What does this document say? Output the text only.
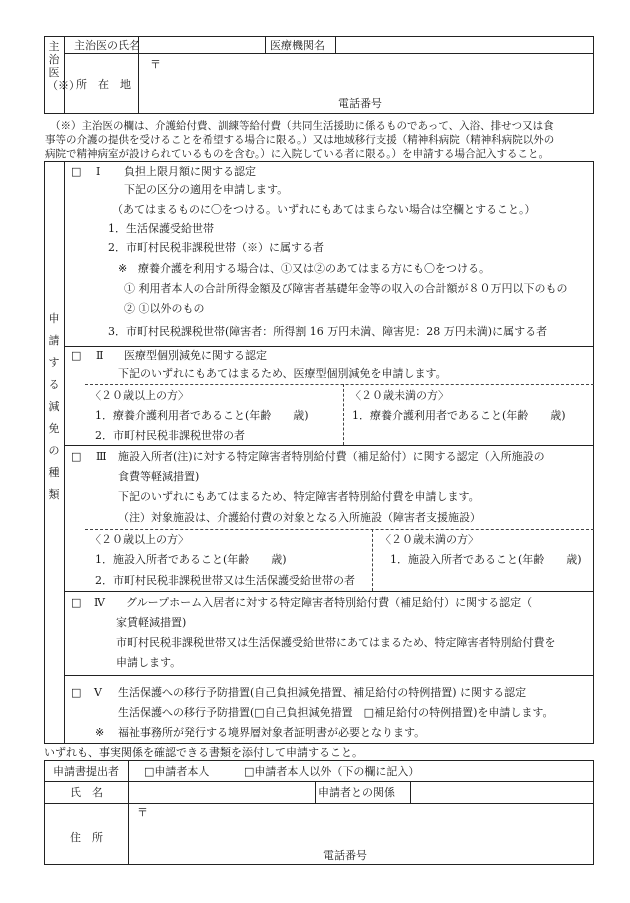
主治医（※）
主治医の氏名	医療機関名
所　在　地
〒
電話番号
（※）主治医の欄は、介護給付費、訓練等給付費（共同生活援助に係るものであって、入浴、排せつ又は食
事等の介護の提供を受けることを希望する場合に限る。）又は地域移行支援（精神科病院（精神科病院以外の
病院で精神病室が設けられているものを含む。）に入院している者に限る。）を申請する場合記入すること。
申請する減免の種類
□ Ⅰ 負担上限月額に関する認定
下記の区分の適用を申請します。
（あてはまるものに〇をつける。いずれにもあてはまらない場合は空欄とすること。）
1．生活保護受給世帯
2．市町村民税非課税世帯（※）に属する者
※ 療養介護を利用する場合は、①又は②のあてはまる方にも〇をつける。
① 利用者本人の合計所得金額及び障害者基礎年金等の収入の合計額が８０万円以下のもの
② ①以外のもの
3．市町村民税課税世帯(障害者：所得割 16 万円未満、障害児：28 万円未満)に属する者
□ Ⅱ 医療型個別減免に関する認定
下記のいずれにもあてはまるため、医療型個別減免を申請します。
〈２０歳以上の方〉
1．療養介護利用者であること(年齢　　歳)
2．市町村民税非課税世帯の者
〈２０歳未満の方〉
1．療養介護利用者であること(年齢　　歳)
□ Ⅲ 施設入所者(注)に対する特定障害者特別給付費（補足給付）に関する認定（入所施設の
食費等軽減措置)
下記のいずれにもあてはまるため、特定障害者特別給付費を申請します。
（注）対象施設は、介護給付費の対象となる入所施設（障害者支援施設）
〈２０歳以上の方〉
1．施設入所者であること(年齢　　歳)
2．市町村民税非課税世帯又は生活保護受給世帯の者
〈２０歳未満の方〉
1．施設入所者であること(年齢　　歳)
□ Ⅳ グループホーム入居者に対する特定障害者特別給付費（補足給付）に関する認定（
家賃軽減措置)
市町村民税非課税世帯又は生活保護受給世帯にあてはまるため、特定障害者特別給付費を
申請します。
□ Ⅴ 生活保護への移行予防措置(自己負担減免措置、補足給付の特例措置) に関する認定
生活保護への移行予防措置(□自己負担減免措置　□補足給付の特例措置)を申請します。
※ 福祉事務所が発行する境界層対象者証明書が必要となります。
いずれも、事実関係を確認できる書類を添付して申請すること。
申請書提出者 □申請者本人	□申請者本人以外（下の欄に記入）
氏　名	申請者との関係
住　所
〒
電話番号
